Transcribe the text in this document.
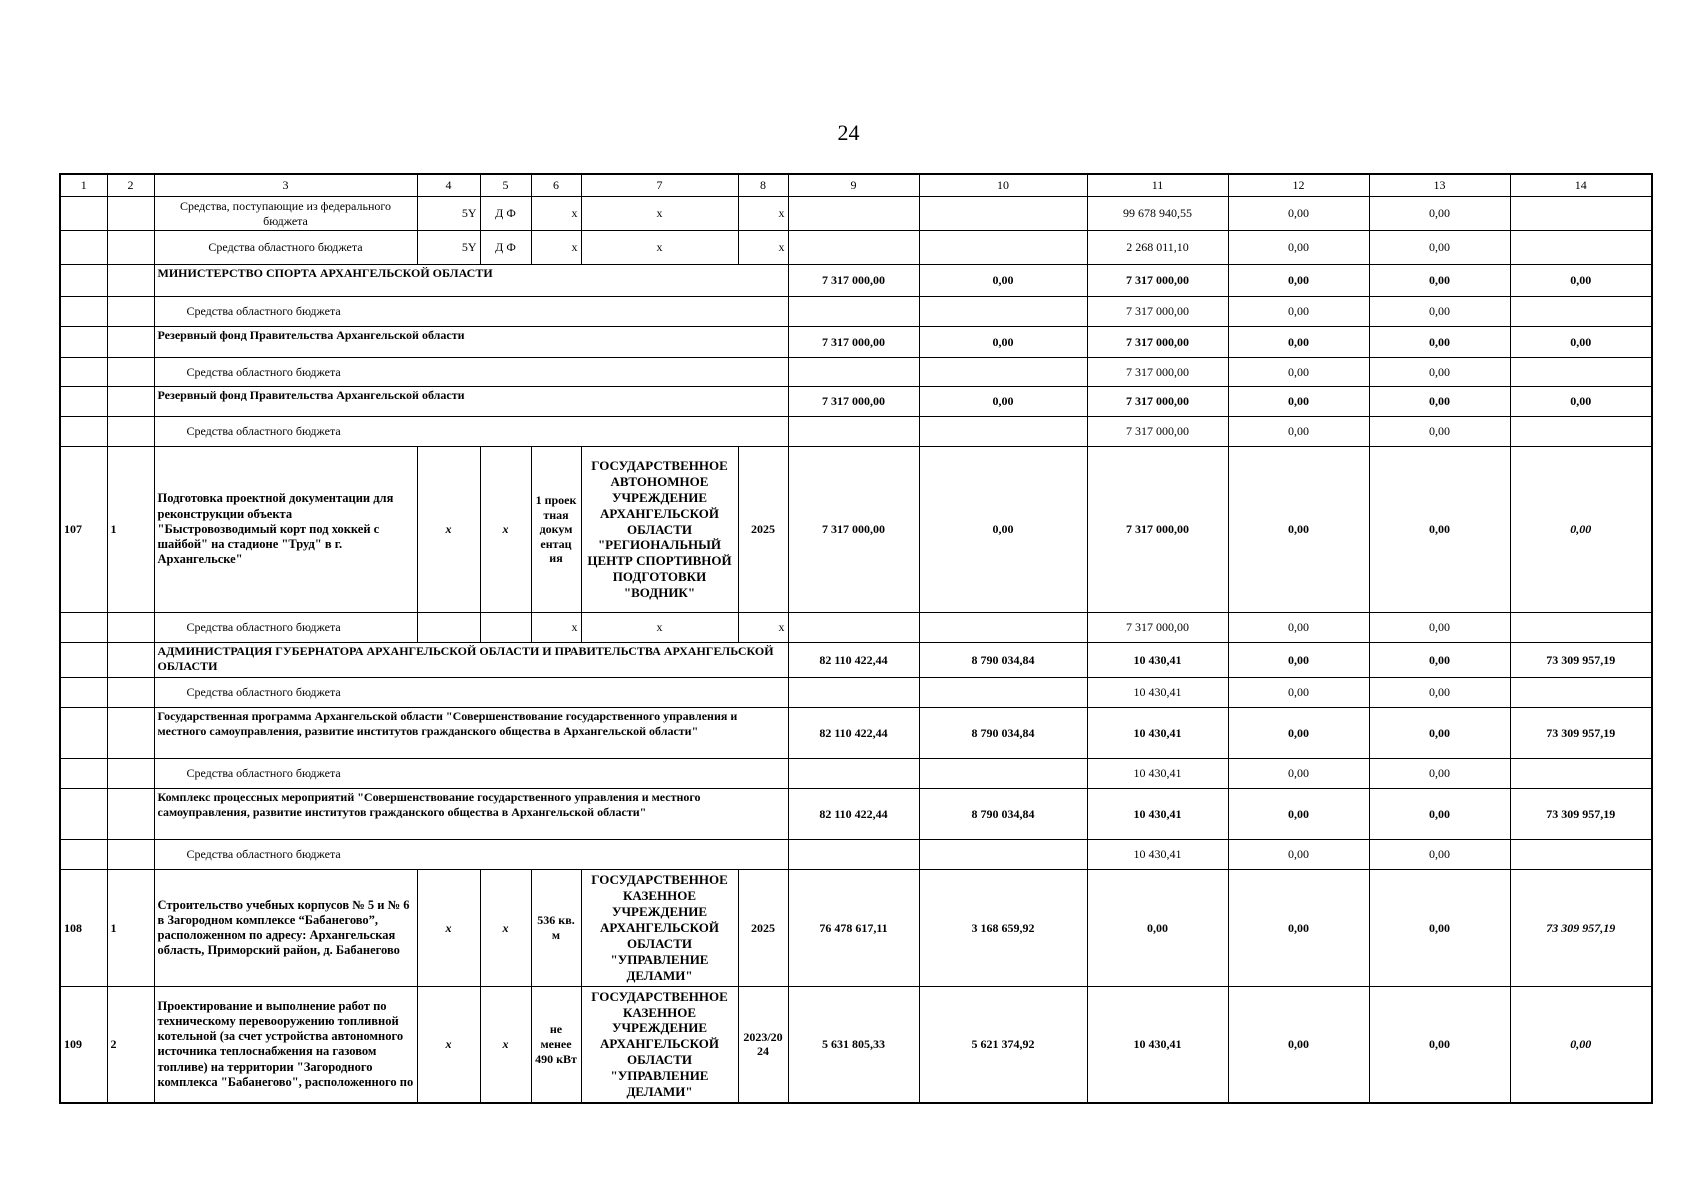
24
1	2	3	4	5	6	7	8	9	10	11	12	13	14
		Средства, поступающие из федерального бюджета	5Y	Д Ф	х	х	х			99 678 940,55	0,00	0,00	
		Средства областного бюджета	5Y	Д Ф	х	х	х			2 268 011,10	0,00	0,00	
		МИНИСТЕРСТВО СПОРТА АРХАНГЕЛЬСКОЙ ОБЛАСТИ						7 317 000,00	0,00	7 317 000,00	0,00	0,00	0,00
		Средства областного бюджета								7 317 000,00	0,00	0,00	
		Резервный фонд Правительства Архангельской области						7 317 000,00	0,00	7 317 000,00	0,00	0,00	0,00
		Средства областного бюджета								7 317 000,00	0,00	0,00	
		Резервный фонд Правительства Архангельской области						7 317 000,00	0,00	7 317 000,00	0,00	0,00	0,00
		Средства областного бюджета								7 317 000,00	0,00	0,00	
107	1	Подготовка проектной документации для реконструкции объекта "Быстровозводимый корт под хоккей с шайбой" на стадионе "Труд" в г. Архангельске"	х	х	1 проек тная докум ентац ия	ГОСУДАРСТВЕННОЕ АВТОНОМНОЕ УЧРЕЖДЕНИЕ АРХАНГЕЛЬСКОЙ ОБЛАСТИ "РЕГИОНАЛЬНЫЙ ЦЕНТР СПОРТИВНОЙ ПОДГОТОВКИ "ВОДНИК"	2025	7 317 000,00	0,00	7 317 000,00	0,00	0,00	0,00
		Средства областного бюджета			х	х	х			7 317 000,00	0,00	0,00	
		АДМИНИСТРАЦИЯ ГУБЕРНАТОРА АРХАНГЕЛЬСКОЙ ОБЛАСТИ И ПРАВИТЕЛЬСТВА АРХАНГЕЛЬСКОЙ ОБЛАСТИ						82 110 422,44	8 790 034,84	10 430,41	0,00	0,00	73 309 957,19
		Средства областного бюджета								10 430,41	0,00	0,00	
		Государственная программа Архангельской области "Совершенствование государственного управления и местного самоуправления, развитие институтов гражданского общества в Архангельской области"						82 110 422,44	8 790 034,84	10 430,41	0,00	0,00	73 309 957,19
		Средства областного бюджета								10 430,41	0,00	0,00	
		Комплекс процессных мероприятий "Совершенствование государственного управления и местного самоуправления, развитие институтов гражданского общества в Архангельской области"						82 110 422,44	8 790 034,84	10 430,41	0,00	0,00	73 309 957,19
		Средства областного бюджета								10 430,41	0,00	0,00	
108	1	Строительство учебных корпусов № 5 и № 6 в Загородном комплексе “Бабанегово”, расположенном по адресу: Архангельская область, Приморский район, д. Бабанегово	х	х	536 кв. м	ГОСУДАРСТВЕННОЕ КАЗЕННОЕ УЧРЕЖДЕНИЕ АРХАНГЕЛЬСКОЙ ОБЛАСТИ "УПРАВЛЕНИЕ ДЕЛАМИ"	2025	76 478 617,11	3 168 659,92	0,00	0,00	0,00	73 309 957,19
109	2	Проектирование и выполнение работ по техническому перевооружению топливной котельной (за счет устройства автономного источника теплоснабжения на газовом топливе) на территории "Загородного комплекса "Бабанегово", расположенного по	х	х	не менее 490 кВт	ГОСУДАРСТВЕННОЕ КАЗЕННОЕ УЧРЕЖДЕНИЕ АРХАНГЕЛЬСКОЙ ОБЛАСТИ "УПРАВЛЕНИЕ ДЕЛАМИ"	2023/2024	5 631 805,33	5 621 374,92	10 430,41	0,00	0,00	0,00
